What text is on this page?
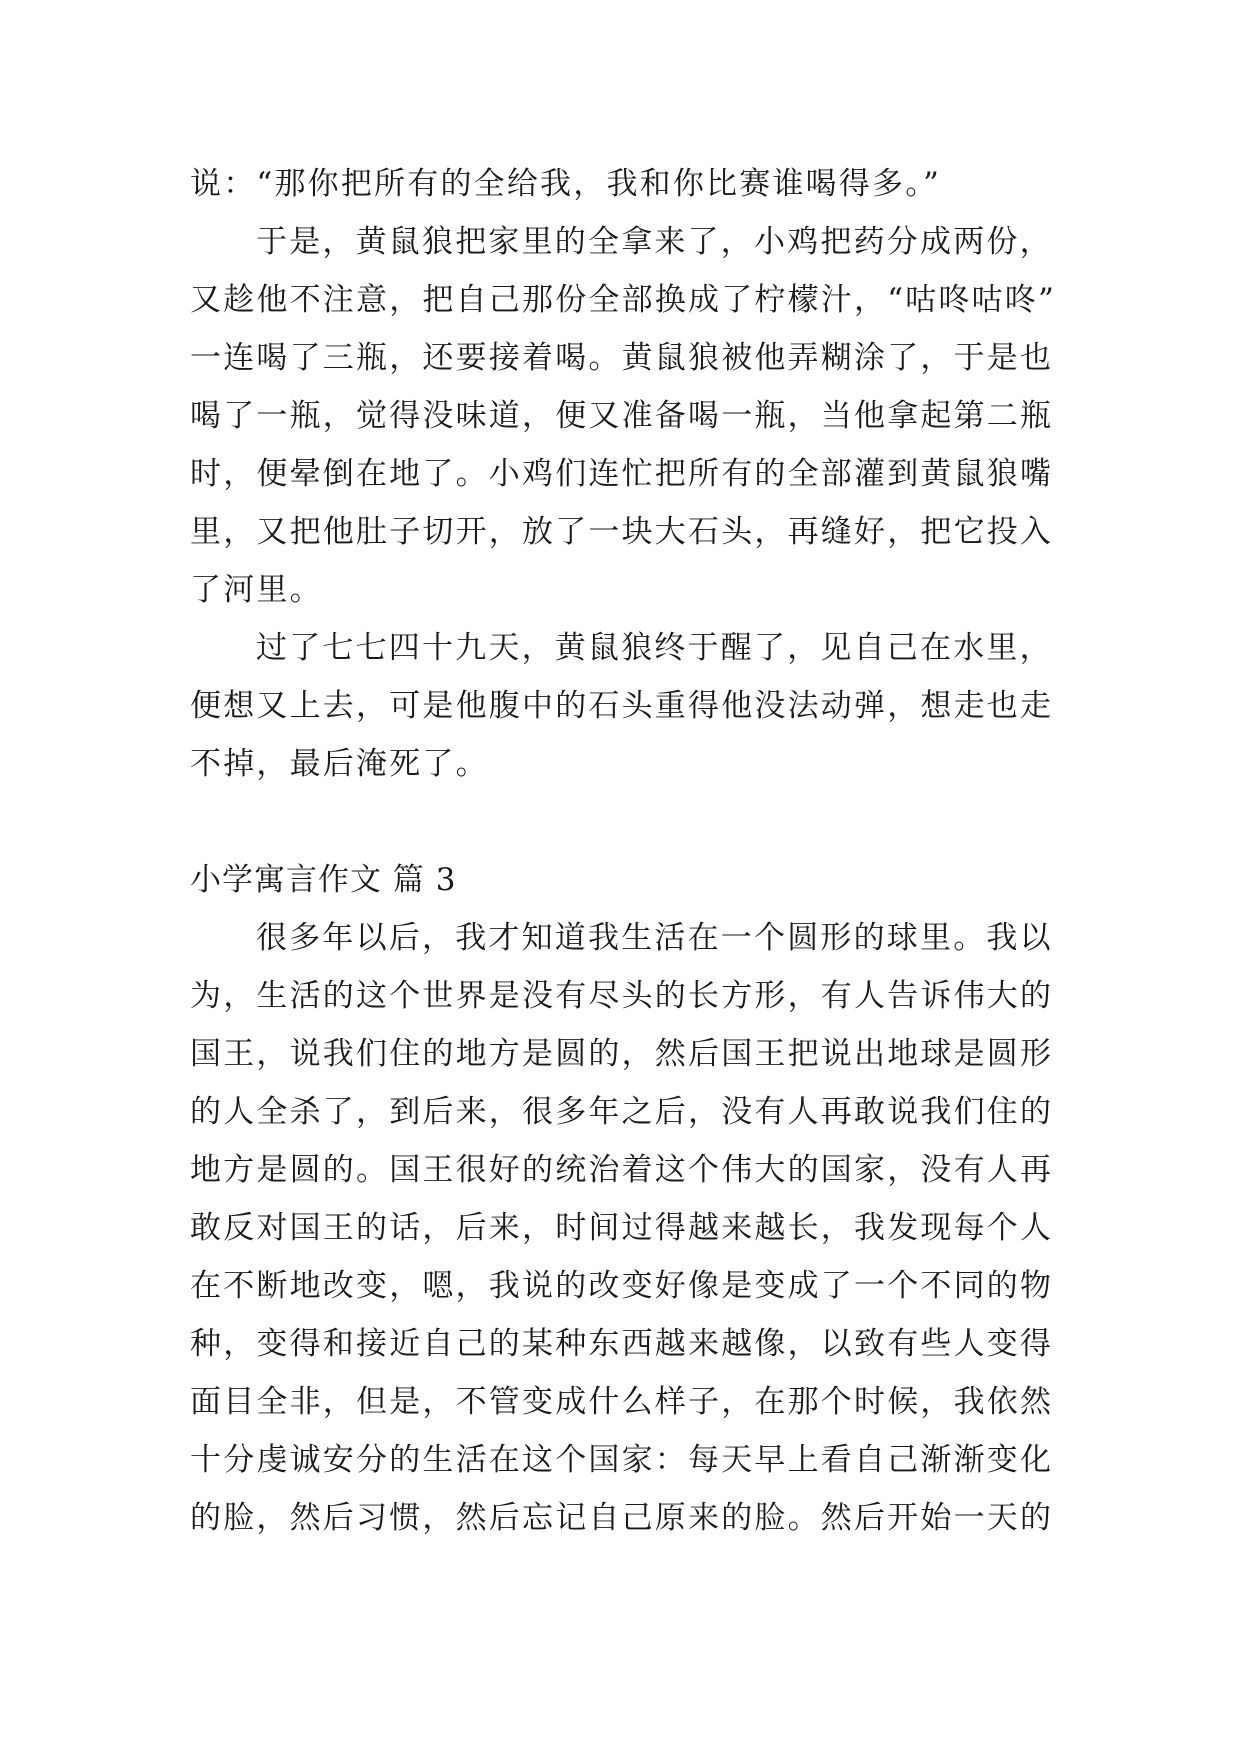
说：“那你把所有的全给我，我和你比赛谁喝得多。”
于是，黄鼠狼把家里的全拿来了，小鸡把药分成两份，
又趁他不注意，把自己那份全部换成了柠檬汁，“咕咚咕咚”
一连喝了三瓶，还要接着喝。黄鼠狼被他弄糊涂了，于是也
喝了一瓶，觉得没味道，便又准备喝一瓶，当他拿起第二瓶
时，便晕倒在地了。小鸡们连忙把所有的全部灌到黄鼠狼嘴
里，又把他肚子切开，放了一块大石头，再缝好，把它投入
了河里。
过了七七四十九天，黄鼠狼终于醒了，见自己在水里，
便想又上去，可是他腹中的石头重得他没法动弹，想走也走
不掉，最后淹死了。
小学寓言作文 篇 3
很多年以后，我才知道我生活在一个圆形的球里。我以
为，生活的这个世界是没有尽头的长方形，有人告诉伟大的
国王，说我们住的地方是圆的，然后国王把说出地球是圆形
的人全杀了，到后来，很多年之后，没有人再敢说我们住的
地方是圆的。国王很好的统治着这个伟大的国家，没有人再
敢反对国王的话，后来，时间过得越来越长，我发现每个人
在不断地改变，嗯，我说的改变好像是变成了一个不同的物
种，变得和接近自己的某种东西越来越像，以致有些人变得
面目全非，但是，不管变成什么样子，在那个时候，我依然
十分虔诚安分的生活在这个国家：每天早上看自己渐渐变化
的脸，然后习惯，然后忘记自己原来的脸。然后开始一天的
